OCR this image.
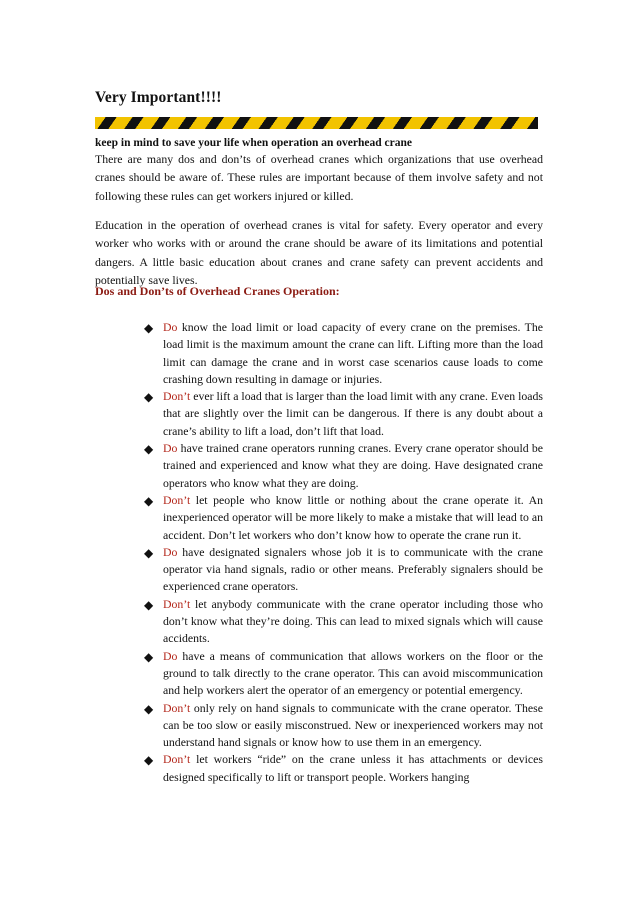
Very Important!!!!
keep in mind to save your life when operation an overhead crane

There are many dos and don’ts of overhead cranes which organizations that use overhead cranes should be aware of. These rules are important because of them involve safety and not following these rules can get workers injured or killed.

Education in the operation of overhead cranes is vital for safety. Every operator and every worker who works with or around the crane should be aware of its limitations and potential dangers. A little basic education about cranes and crane safety can prevent accidents and potentially save lives.

Dos and Don’ts of Overhead Cranes Operation:
◆ Do know the load limit or load capacity of every crane on the premises. The load limit is the maximum amount the crane can lift. Lifting more than the load limit can damage the crane and in worst case scenarios cause loads to come crashing down resulting in damage or injuries.
◆ Don’t ever lift a load that is larger than the load limit with any crane. Even loads that are slightly over the limit can be dangerous. If there is any doubt about a crane’s ability to lift a load, don’t lift that load.
◆ Do have trained crane operators running cranes. Every crane operator should be trained and experienced and know what they are doing. Have designated crane operators who know what they are doing.
◆ Don’t let people who know little or nothing about the crane operate it. An inexperienced operator will be more likely to make a mistake that will lead to an accident. Don’t let workers who don’t know how to operate the crane run it.
◆ Do have designated signalers whose job it is to communicate with the crane operator via hand signals, radio or other means. Preferably signalers should be experienced crane operators.
◆ Don’t let anybody communicate with the crane operator including those who don’t know what they’re doing. This can lead to mixed signals which will cause accidents.
◆ Do have a means of communication that allows workers on the floor or the ground to talk directly to the crane operator. This can avoid miscommunication and help workers alert the operator of an emergency or potential emergency.
◆ Don’t only rely on hand signals to communicate with the crane operator. These can be too slow or easily misconstrued. New or inexperienced workers may not understand hand signals or know how to use them in an emergency.
◆ Don’t let workers “ride” on the crane unless it has attachments or devices designed specifically to lift or transport people. Workers hanging
